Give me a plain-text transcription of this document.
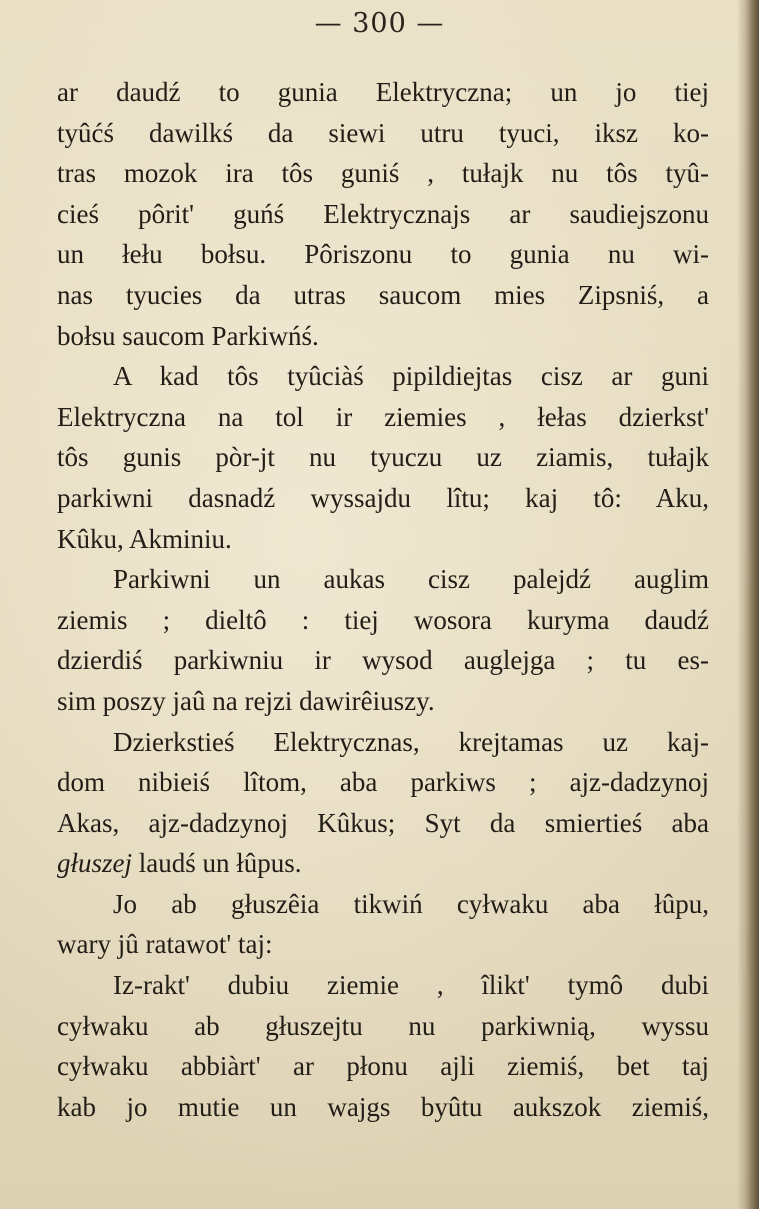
— 300 —
ar daudź to gunia Elektryczna; un jo tiej
tyûćś dawilkś da siewi utru tyuci, iksz ko-
tras mozok ira tôs guniś , tułajk nu tôs tyû-
cieś pôrit' guńś Elektrycznajs ar saudiejszonu
un łełu bołsu. Pôriszonu to gunia nu wi-
nas tyucies da utras saucom mies Zipsniś, a
bołsu saucom Parkiwńś.
A kad tôs tyûciàś pipildiejtas cisz ar guni
Elektryczna na tol ir ziemies , łełas dzierkst'
tôs gunis pòr-jt nu tyuczu uz ziamis, tułajk
parkiwni dasnadź wyssajdu lîtu; kaj tô: Aku,
Kûku, Akminiu.
Parkiwni un aukas cisz palejdź auglim
ziemis ; dieltô : tiej wosora kuryma daudź
dzierdiś parkiwniu ir wysod auglejga ; tu es-
sim poszy jaû na rejzi dawirêiuszy.
Dzierkstieś Elektrycznas, krejtamas uz kaj-
dom nibieiś lîtom, aba parkiws ; ajz-dadzynoj
Akas, ajz-dadzynoj Kûkus; Syt da smiertieś aba
głuszej laudś un łûpus.
Jo ab głuszêia tikwiń cyłwaku aba łûpu,
wary jû ratawot' taj:
Iz-rakt' dubiu ziemie , îlikt' tymô dubi
cyłwaku ab głuszejtu nu parkiwnią, wyssu
cyłwaku abbiàrt' ar płonu ajli ziemiś, bet taj
kab jo mutie un wajgs byûtu aukszok ziemiś,
